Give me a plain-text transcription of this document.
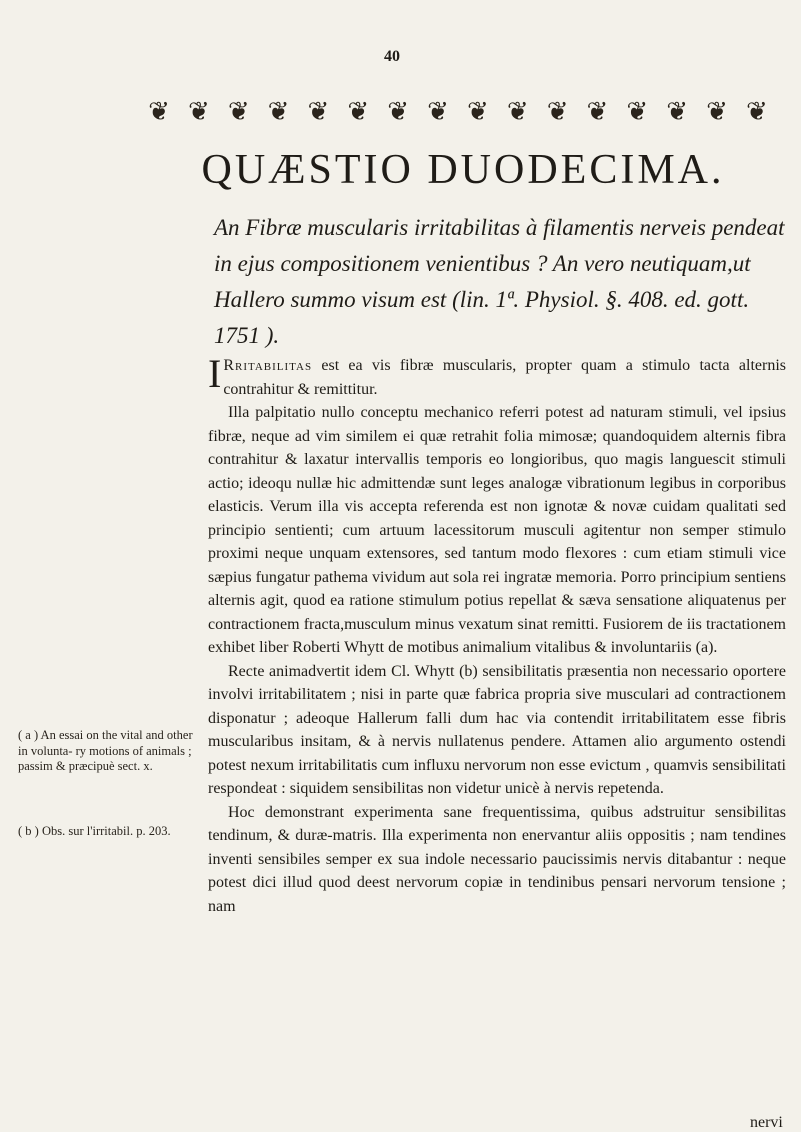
40
❦ ❦ ❦ ❦ ❦ ❦ ❦ ❦ ❦ ❦ ❦ ❦ ❦ ❦ ❦ ❦
QUÆSTIO DUODECIMA.
An Fibræ muscularis irritabilitas à filamentis nerveis pendeat in ejus compositionem venientibus ? An vero neutiquam,ut Hallero summo visum est (lin. 1ª. Physiol. §. 408. ed. gott. 1751 ).

I Rritabilitas est ea vis fibræ muscularis, propter quam a stimulo tacta alternis contrahitur & remittitur.

Illa palpitatio nullo conceptu mechanico referri potest ad naturam stimuli, vel ipsius fibræ, neque ad vim similem ei quæ retrahit folia mimosæ; quandoquidem alternis fibra contrahitur & laxatur intervallis temporis eo longioribus, quo magis languescit stimuli actio; ideoqu nullæ hic admittendæ sunt leges analogæ vibrationum legibus in corporibus elasticis. Verum illa vis accepta referenda est non ignotæ & novæ cuidam qualitati sed principio sentienti; cum artuum lacessitorum musculi agitentur non semper stimulo proximi neque unquam extensores, sed tantum modo flexores : cum etiam stimuli vice sæpius fungatur pathema vividum aut sola rei ingratæ memoria. Porro principium sentiens alternis agit, quod ea ratione stimulum potius repellat & sæva sensatione aliquatenus per contractionem fracta,musculum minus vexatum sinat remitti. Fusiorem de iis tractationem exhibet liber Roberti Whytt de motibus animalium vitalibus & involuntariis (a).

Recte animadvertit idem Cl. Whytt (b) sensibilitatis præsentia non necessario oportere involvi irritabilitatem ; nisi in parte quæ fabrica propria sive musculari ad contractionem disponatur ; adeoque Hallerum falli dum hac via contendit irritabilitatem esse fibris muscularibus insitam, & à nervis nullatenus pendere. Attamen alio argumento ostendi potest nexum irritabilitatis cum influxu nervorum non esse evictum , quamvis sensibilitati respondeat : siquidem sensibilitas non videtur unicè à nervis repetenda.

Hoc demonstrant experimenta sane frequentissima, quibus adstruitur sensibilitas tendinum, & duræ-matris. Illa experimenta non enervantur aliis oppositis ; nam tendines inventi sensibiles semper ex sua indole necessario paucissimis nervis ditabantur : neque potest dici illud quod deest nervorum copiæ in tendinibus pensari nervorum tensione ; nam

( a ) An essai on the vital and other in volunta- ry motions of animals ; passim & præcipuè sect. x.
( b ) Obs. sur l'irritabil. p. 203.
nervi
